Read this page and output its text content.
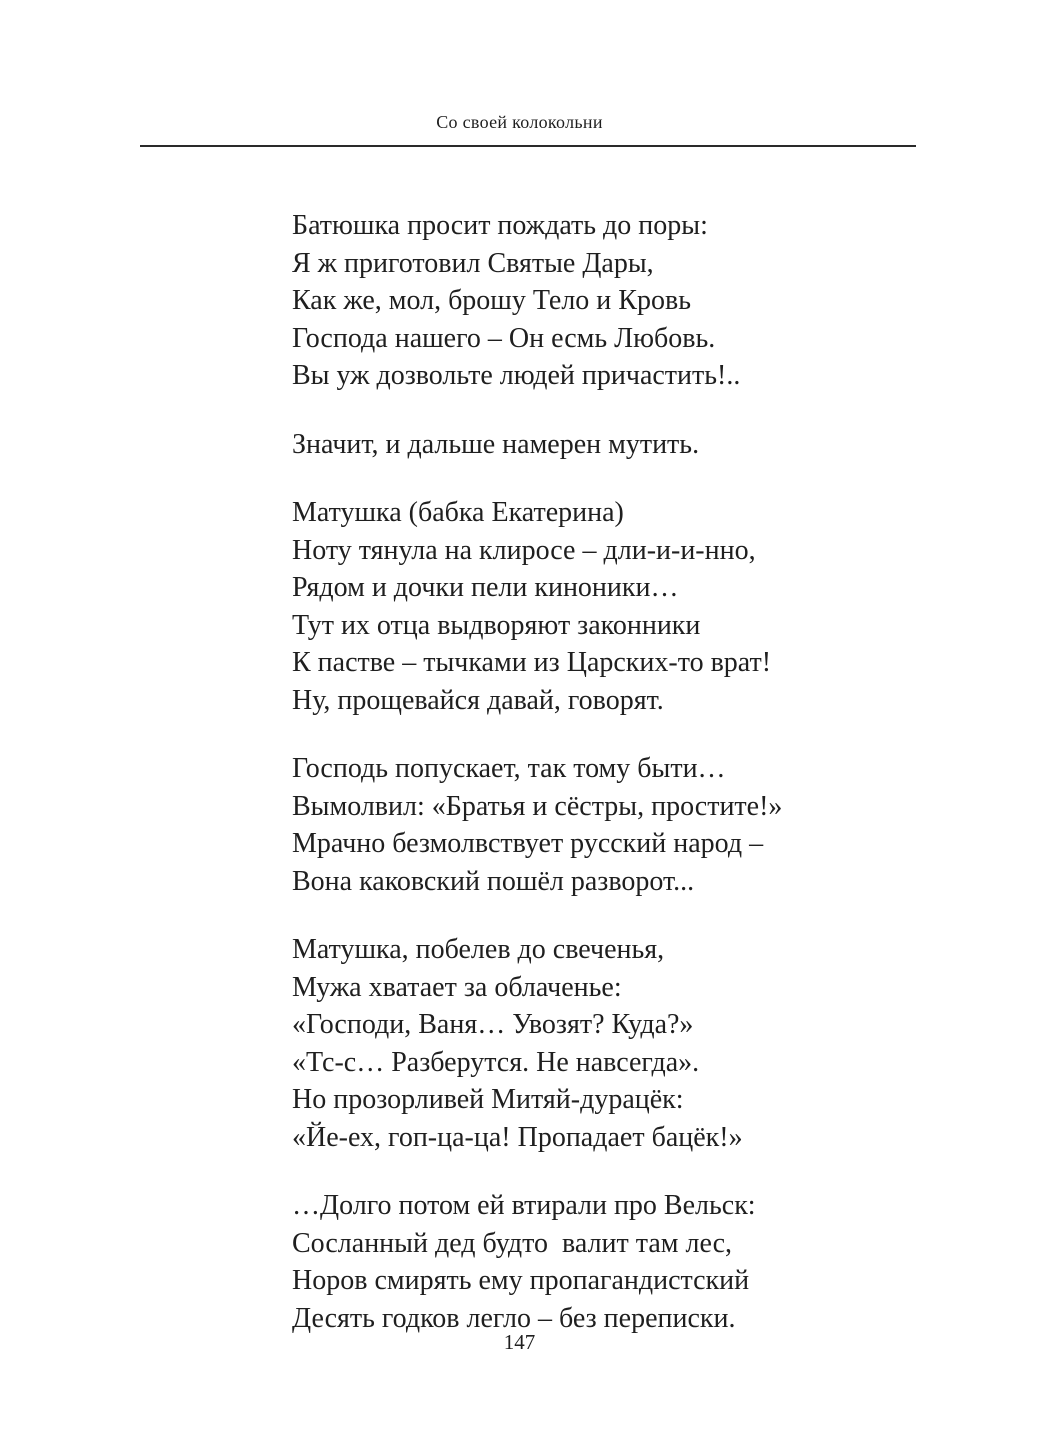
Со своей колокольни
Батюшка просит пождать до поры:
Я ж приготовил Святые Дары,
Как же, мол, брошу Тело и Кровь
Господа нашего – Он есмь Любовь.
Вы уж дозвольте людей причастить!..
Значит, и дальше намерен мутить.
Матушка (бабка Екатерина)
Ноту тянула на клиросе – дли-и-и-нно,
Рядом и дочки пели киноники…
Тут их отца выдворяют законники
К пастве – тычками из Царских-то врат!
Ну, прощевайся давай, говорят.
Господь попускает, так тому быти…
Вымолвил: «Братья и сёстры, простите!»
Мрачно безмолвствует русский народ –
Вона каковский пошёл разворот...
Матушка, побелев до свеченья,
Мужа хватает за облаченье:
«Господи, Ваня… Увозят? Куда?»
«Тс-с… Разберутся. Не навсегда».
Но прозорливей Митяй-дурацёк:
«Йе-ех, гоп-ца-ца! Пропадает бацёк!»
…Долго потом ей втирали про Вельск:
Сосланный дед будто  валит там лес,
Норов смирять ему пропагандистский
Десять годков легло – без переписки.
147
